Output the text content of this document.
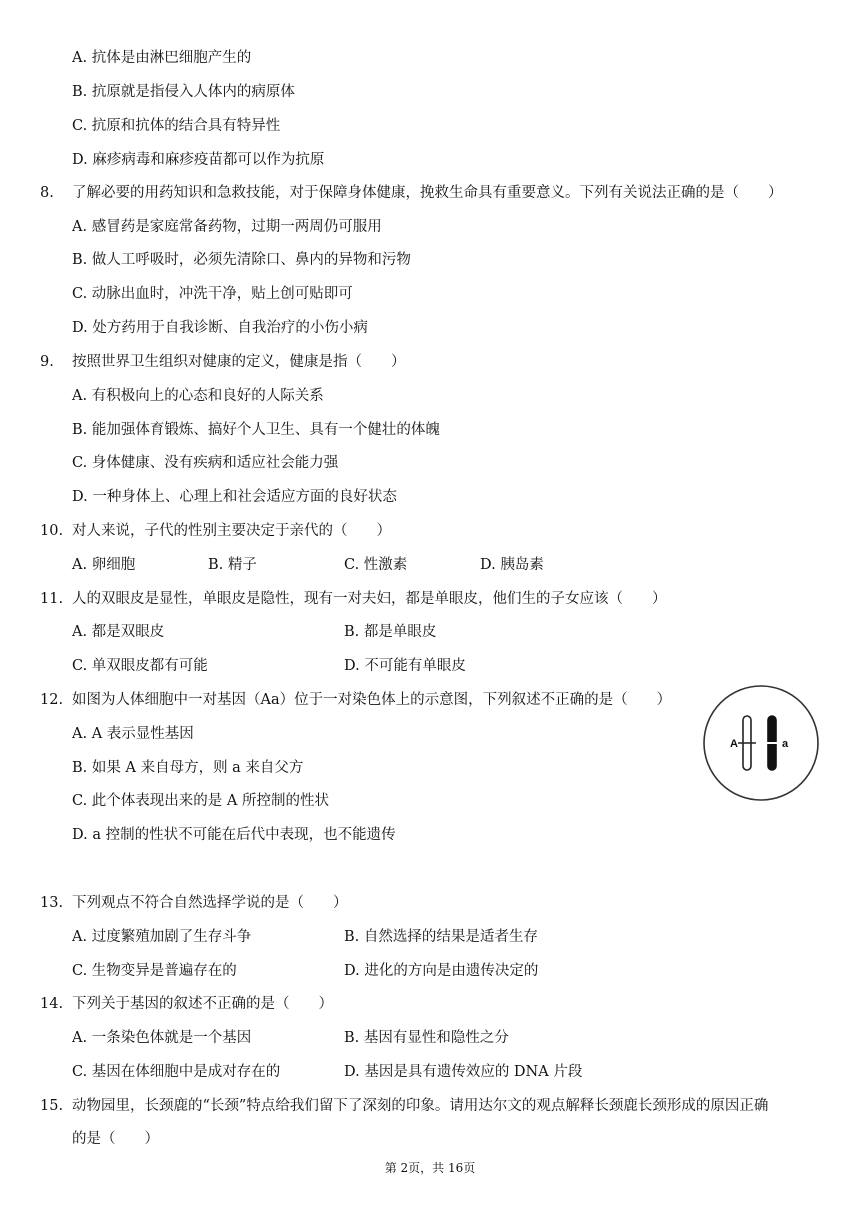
A. 抗体是由淋巴细胞产生的
B. 抗原就是指侵入人体内的病原体
C. 抗原和抗体的结合具有特异性
D. 麻疹病毒和麻疹疫苗都可以作为抗原
8. 了解必要的用药知识和急救技能，对于保障身体健康，挽救生命具有重要意义。下列有关说法正确的是（　　）
A. 感冒药是家庭常备药物，过期一两周仍可服用
B. 做人工呼吸时，必须先清除口、鼻内的异物和污物
C. 动脉出血时，冲洗干净，贴上创可贴即可
D. 处方药用于自我诊断、自我治疗的小伤小病
9. 按照世界卫生组织对健康的定义，健康是指（　　）
A. 有积极向上的心态和良好的人际关系
B. 能加强体育锻炼、搞好个人卫生、具有一个健壮的体魄
C. 身体健康、没有疾病和适应社会能力强
D. 一种身体上、心理上和社会适应方面的良好状态
10. 对人来说，子代的性别主要决定于亲代的（　　）
A. 卵细胞	B. 精子	C. 性激素	D. 胰岛素
11. 人的双眼皮是显性，单眼皮是隐性，现有一对夫妇，都是单眼皮，他们生的子女应该（　　）
A. 都是双眼皮	B. 都是单眼皮
C. 单双眼皮都有可能	D. 不可能有单眼皮
12. 如图为人体细胞中一对基因（Aa）位于一对染色体上的示意图，下列叙述不正确的是（　　）
A. A 表示显性基因
B. 如果 A 来自母方，则 a 来自父方
C. 此个体表现出来的是 A 所控制的性状
D. a 控制的性状不可能在后代中表现，也不能遗传
A	a
13. 下列观点不符合自然选择学说的是（　　）
A. 过度繁殖加剧了生存斗争	B. 自然选择的结果是适者生存
C. 生物变异是普遍存在的	D. 进化的方向是由遗传决定的
14. 下列关于基因的叙述不正确的是（　　）
A. 一条染色体就是一个基因	B. 基因有显性和隐性之分
C. 基因在体细胞中是成对存在的	D. 基因是具有遗传效应的 DNA 片段
15. 动物园里，长颈鹿的“长颈”特点给我们留下了深刻的印象。请用达尔文的观点解释长颈鹿长颈形成的原因正确
的是（　　）
第 2页，共 16页
